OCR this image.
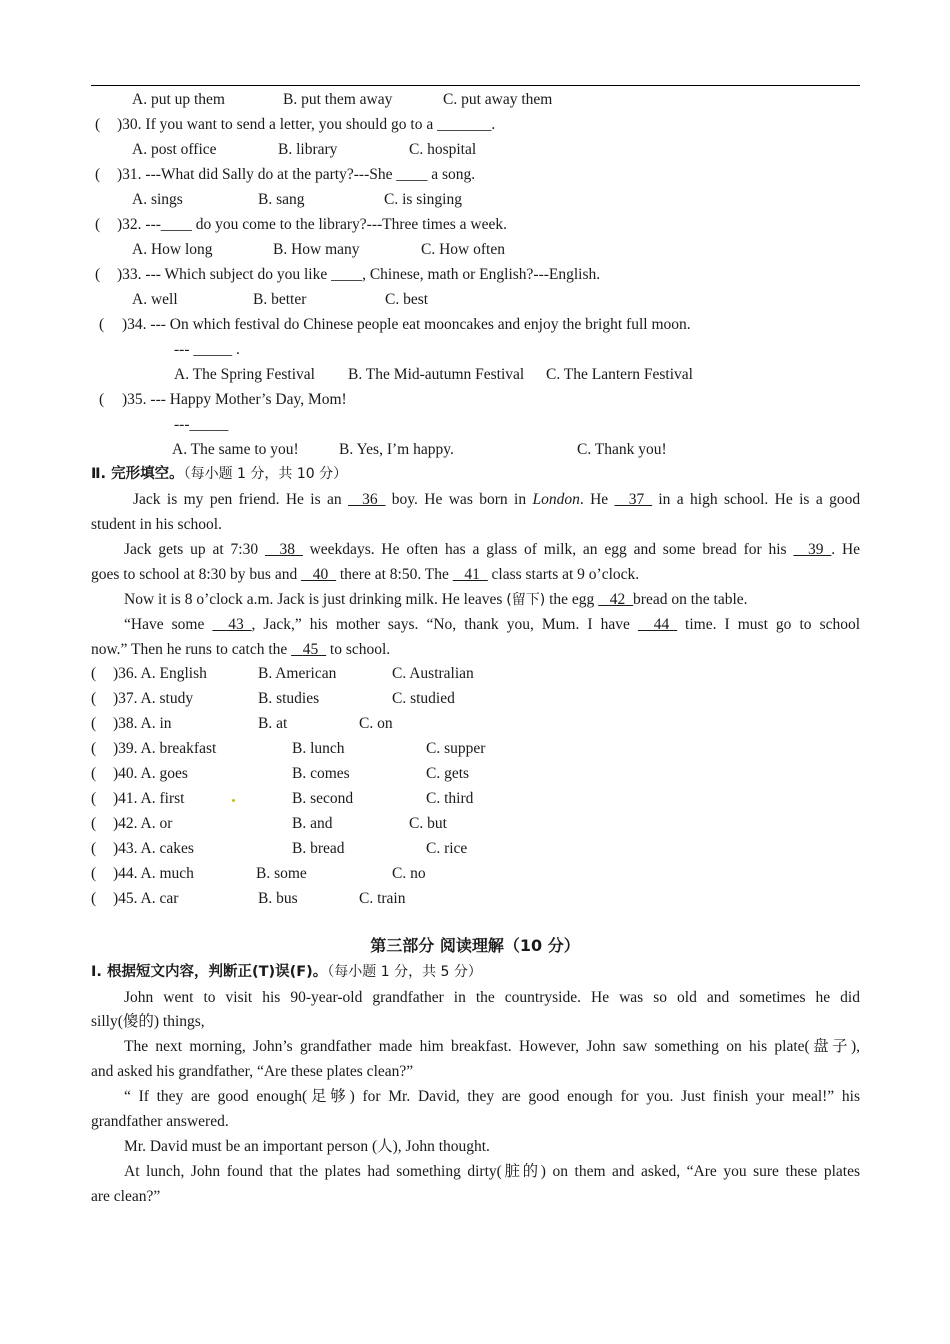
A. put up them	B. put them away	C. put away them
( )30. If you want to send a letter, you should go to a _______.
A. post office	B. library	C. hospital
( )31. ---What did Sally do at the party?---She ____ a song.
A. sings	B. sang	C. is singing
( )32. ---____ do you come to the library?---Three times a week.
A. How long	B. How many	C. How often
( )33. --- Which subject do you like ____, Chinese, math or English?---English.
A. well	B. better	C. best
( )34. --- On which festival do Chinese people eat mooncakes and enjoy the bright full moon.
--- _____ .
A. The Spring Festival B. The Mid-autumn Festival C. The Lantern Festival
( )35. --- Happy Mother’s Day, Mom!
---_____
A. The same to you!	B. Yes, I’m happy.	C. Thank you!
Ⅱ. 完形填空。（每小题 1 分，共 10 分）
Jack is my pen friend. He is an  _36_ boy. He was born in London. He  _37_ in a high school. He is a good
student in his school.
Jack gets up at 7:30  _38_ weekdays. He often has a glass of milk, an egg and some bread for his  _39_. He
goes to school at 8:30 by bus and  _40_ there at 8:50. The  _41_ class starts at 9 o’clock.
Now it is 8 o’clock a.m. Jack is just drinking milk. He leaves (留下) the egg  _42_bread on the table.
“Have some  _43_, Jack,” his mother says. “No, thank you, Mum. I have  _44_ time. I must go to school
now.” Then he runs to catch the  _45_ to school.
( )36. A. English	B. American	C. Australian
( )37. A. study	B. studies	C. studied
( )38. A. in	B. at	C. on
( )39. A. breakfast	B. lunch	C. supper
( )40. A. goes	B. comes	C. gets
( )41. A. first	B. second	C. third
( )42. A. or	B. and	C. but
( )43. A. cakes	B. bread	C. rice
( )44. A. much	B. some	C. no
( )45. A. car	B. bus	C. train
第三部分 阅读理解（10 分）
Ⅰ. 根据短文内容，判断正(T)误(F)。（每小题 1 分，共 5 分）
John went to visit his 90-year-old grandfather in the countryside. He was so old and sometimes he did
silly(傻的) things,
The next morning, John’s grandfather made him breakfast. However, John saw something on his plate(盘子),
and asked his grandfather, “Are these plates clean?”
“ If they are good enough(足够) for Mr. David, they are good enough for you. Just finish your meal!” his
grandfather answered.
Mr. David must be an important person (人), John thought.
At lunch, John found that the plates had something dirty(脏的) on them and asked, “Are you sure these plates
are clean?”
